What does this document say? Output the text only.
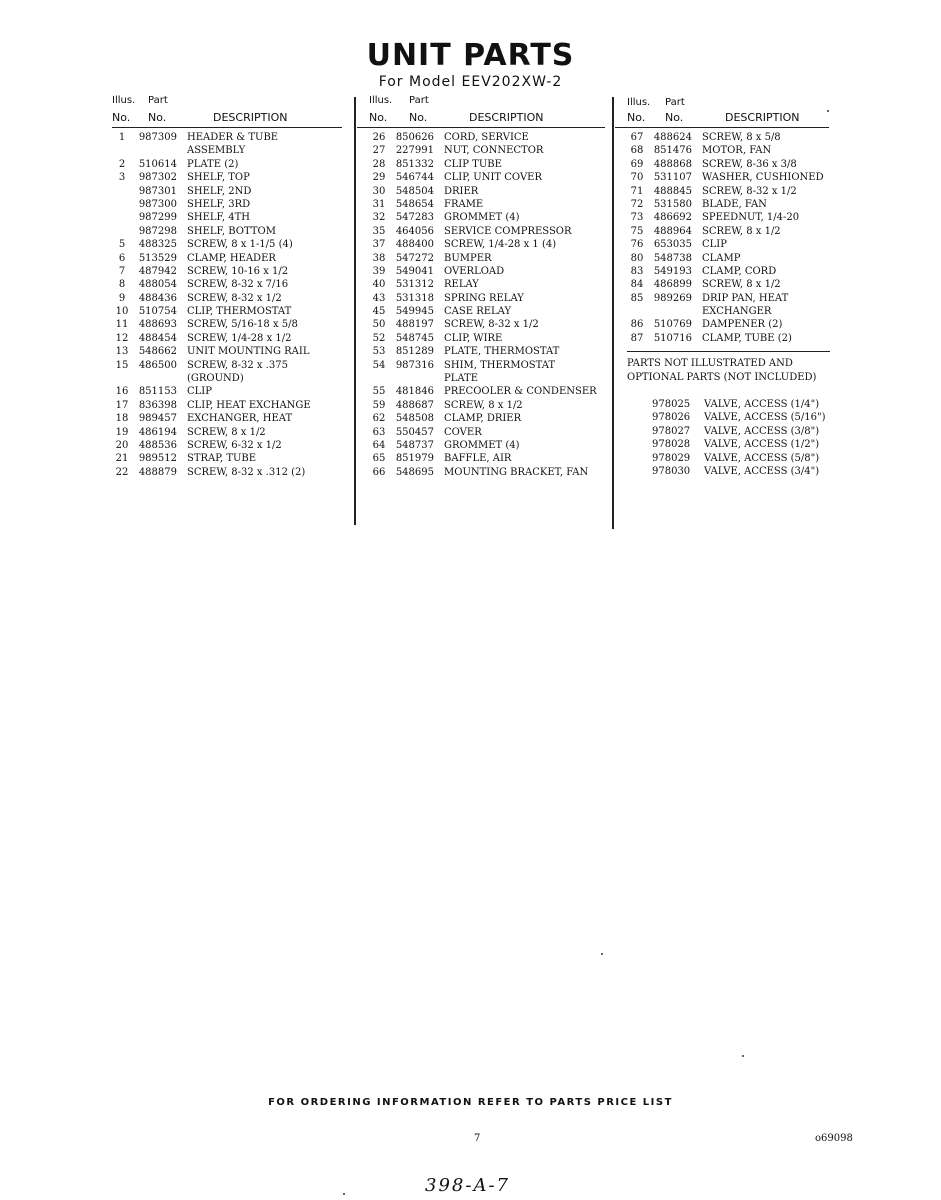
UNIT PARTS
For Model EEV202XW-2
Illus. Part
No. No.	DESCRIPTION
1	987309 HEADER & TUBE
ASSEMBLY
2	510614 PLATE (2)
3	987302 SHELF, TOP
987301 SHELF, 2ND
987300 SHELF, 3RD
987299 SHELF, 4TH
987298 SHELF, BOTTOM
5	488325 SCREW, 8 x 1-1/5 (4)
6	513529 CLAMP, HEADER
7	487942 SCREW, 10-16 x 1/2
8	488054 SCREW, 8-32 x 7/16
9	488436 SCREW, 8-32 x 1/2
10	510754 CLIP, THERMOSTAT
11	488693 SCREW, 5/16-18 x 5/8
12	488454 SCREW, 1/4-28 x 1/2
13	548662 UNIT MOUNTING RAIL
15	486500 SCREW, 8-32 x .375
(GROUND)
16	851153 CLIP
17	836398 CLIP, HEAT EXCHANGE
18	989457 EXCHANGER, HEAT
19	486194 SCREW, 8 x 1/2
20	488536 SCREW, 6-32 x 1/2
21	989512 STRAP, TUBE
22	488879 SCREW, 8-32 x .312 (2)
Illus. Part
No. No.	DESCRIPTION
26	850626 CORD, SERVICE
27	227991 NUT, CONNECTOR
28	851332 CLIP TUBE
29	546744 CLIP, UNIT COVER
30	548504 DRIER
31	548654 FRAME
32	547283 GROMMET (4)
35	464056 SERVICE COMPRESSOR
37	488400 SCREW, 1/4-28 x 1 (4)
38	547272 BUMPER
39	549041 OVERLOAD
40	531312 RELAY
43	531318 SPRING RELAY
45	549945 CASE RELAY
50	488197 SCREW, 8-32 x 1/2
52	548745 CLIP, WIRE
53	851289 PLATE, THERMOSTAT
54	987316 SHIM, THERMOSTAT
PLATE
55	481846 PRECOOLER & CONDENSER
59	488687 SCREW, 8 x 1/2
62	548508 CLAMP, DRIER
63	550457 COVER
64	548737 GROMMET (4)
65	851979 BAFFLE, AIR
66	548695 MOUNTING BRACKET, FAN
Illus. Part
No. No.	DESCRIPTION
67	488624 SCREW, 8 x 5/8
68	851476 MOTOR, FAN
69	488868 SCREW, 8-36 x 3/8
70	531107 WASHER, CUSHIONED
71	488845 SCREW, 8-32 x 1/2
72	531580 BLADE, FAN
73	486692 SPEEDNUT, 1/4-20
75	488964 SCREW, 8 x 1/2
76	653035 CLIP
80	548738 CLAMP
83	549193 CLAMP, CORD
84	486899 SCREW, 8 x 1/2
85	989269 DRIP PAN, HEAT
EXCHANGER
86	510769 DAMPENER (2)
87	510716 CLAMP, TUBE (2)
PARTS NOT ILLUSTRATED AND
OPTIONAL PARTS (NOT INCLUDED)
978025 VALVE, ACCESS (1/4")
978026 VALVE, ACCESS (5/16")
978027 VALVE, ACCESS (3/8")
978028 VALVE, ACCESS (1/2")
978029 VALVE, ACCESS (5/8")
978030 VALVE, ACCESS (3/4")
FOR ORDERING INFORMATION REFER TO PARTS PRICE LIST
7	o69098
398-A-7
